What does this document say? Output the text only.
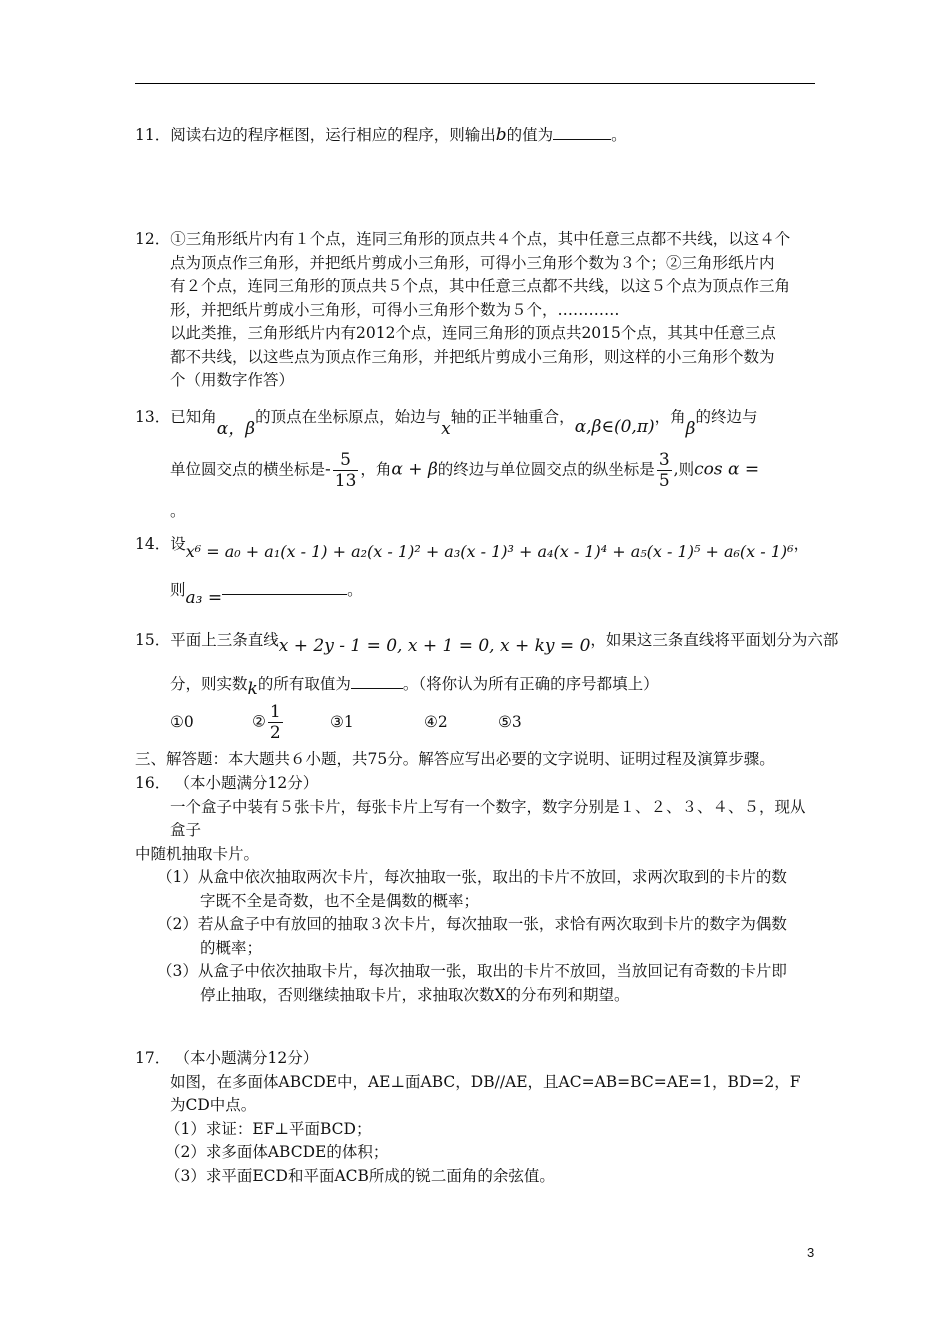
11．阅读右边的程序框图，运行相应的程序，则输出b的值为	。
12．①三角形纸片内有１个点，连同三角形的顶点共４个点，其中任意三点都不共线，以这４个
点为顶点作三角形，并把纸片剪成小三角形，可得小三角形个数为３个；②三角形纸片内
有２个点，连同三角形的顶点共５个点，其中任意三点都不共线，以这５个点为顶点作三角
形，并把纸片剪成小三角形，可得小三角形个数为５个，…………
以此类推，三角形纸片内有2012个点，连同三角形的顶点共2015个点，其其中任意三点
都不共线，以这些点为顶点作三角形，并把纸片剪成小三角形，则这样的小三角形个数为
个（用数字作答）
13．已知角α，β的顶点在坐标原点，始边与x轴的正半轴重合，α,β∈(0,π)，角β的终边与
单位圆交点的横坐标是- $\frac{5}{13}$ ，角α + β的终边与单位圆交点的纵坐标是 $\frac{3}{5}$ ,则cos α =
。
14．设x⁶ = a₀ + a₁(x - 1) + a₂(x - 1)² + a₃(x - 1)³ + a₄(x - 1)⁴ + a₅(x - 1)⁵ + a₆(x - 1)⁶，
则a₃ =	。
15．平面上三条直线x + 2y - 1 = 0, x + 1 = 0, x + ky = 0，如果这三条直线将平面划分为六部
分，则实数k的所有取值为	。（将你认为所有正确的序号都填上）
①0	② $\frac{1}{2}$	③1	④2	⑤3
三、解答题：本大题共６小题，共75分。解答应写出必要的文字说明、证明过程及演算步骤。
16． （本小题满分12分）
一个盒子中装有５张卡片，每张卡片上写有一个数字，数字分别是１、２、３、４、５，现从盒子
中随机抽取卡片。
（1）从盒中依次抽取两次卡片，每次抽取一张，取出的卡片不放回，求两次取到的卡片的数
字既不全是奇数，也不全是偶数的概率；
（2）若从盒子中有放回的抽取３次卡片，每次抽取一张，求恰有两次取到卡片的数字为偶数
的概率；
（3）从盒子中依次抽取卡片，每次抽取一张，取出的卡片不放回，当放回记有奇数的卡片即
停止抽取，否则继续抽取卡片，求抽取次数X的分布列和期望。
17． （本小题满分12分）
如图，在多面体ABCDE中，AE⊥面ABC，DB//AE，且AC=AB=BC=AE=1，BD=2，F为CD中点。
（1）求证：EF⊥平面BCD；
（2）求多面体ABCDE的体积；
（3）求平面ECD和平面ACB所成的锐二面角的余弦值。
3
